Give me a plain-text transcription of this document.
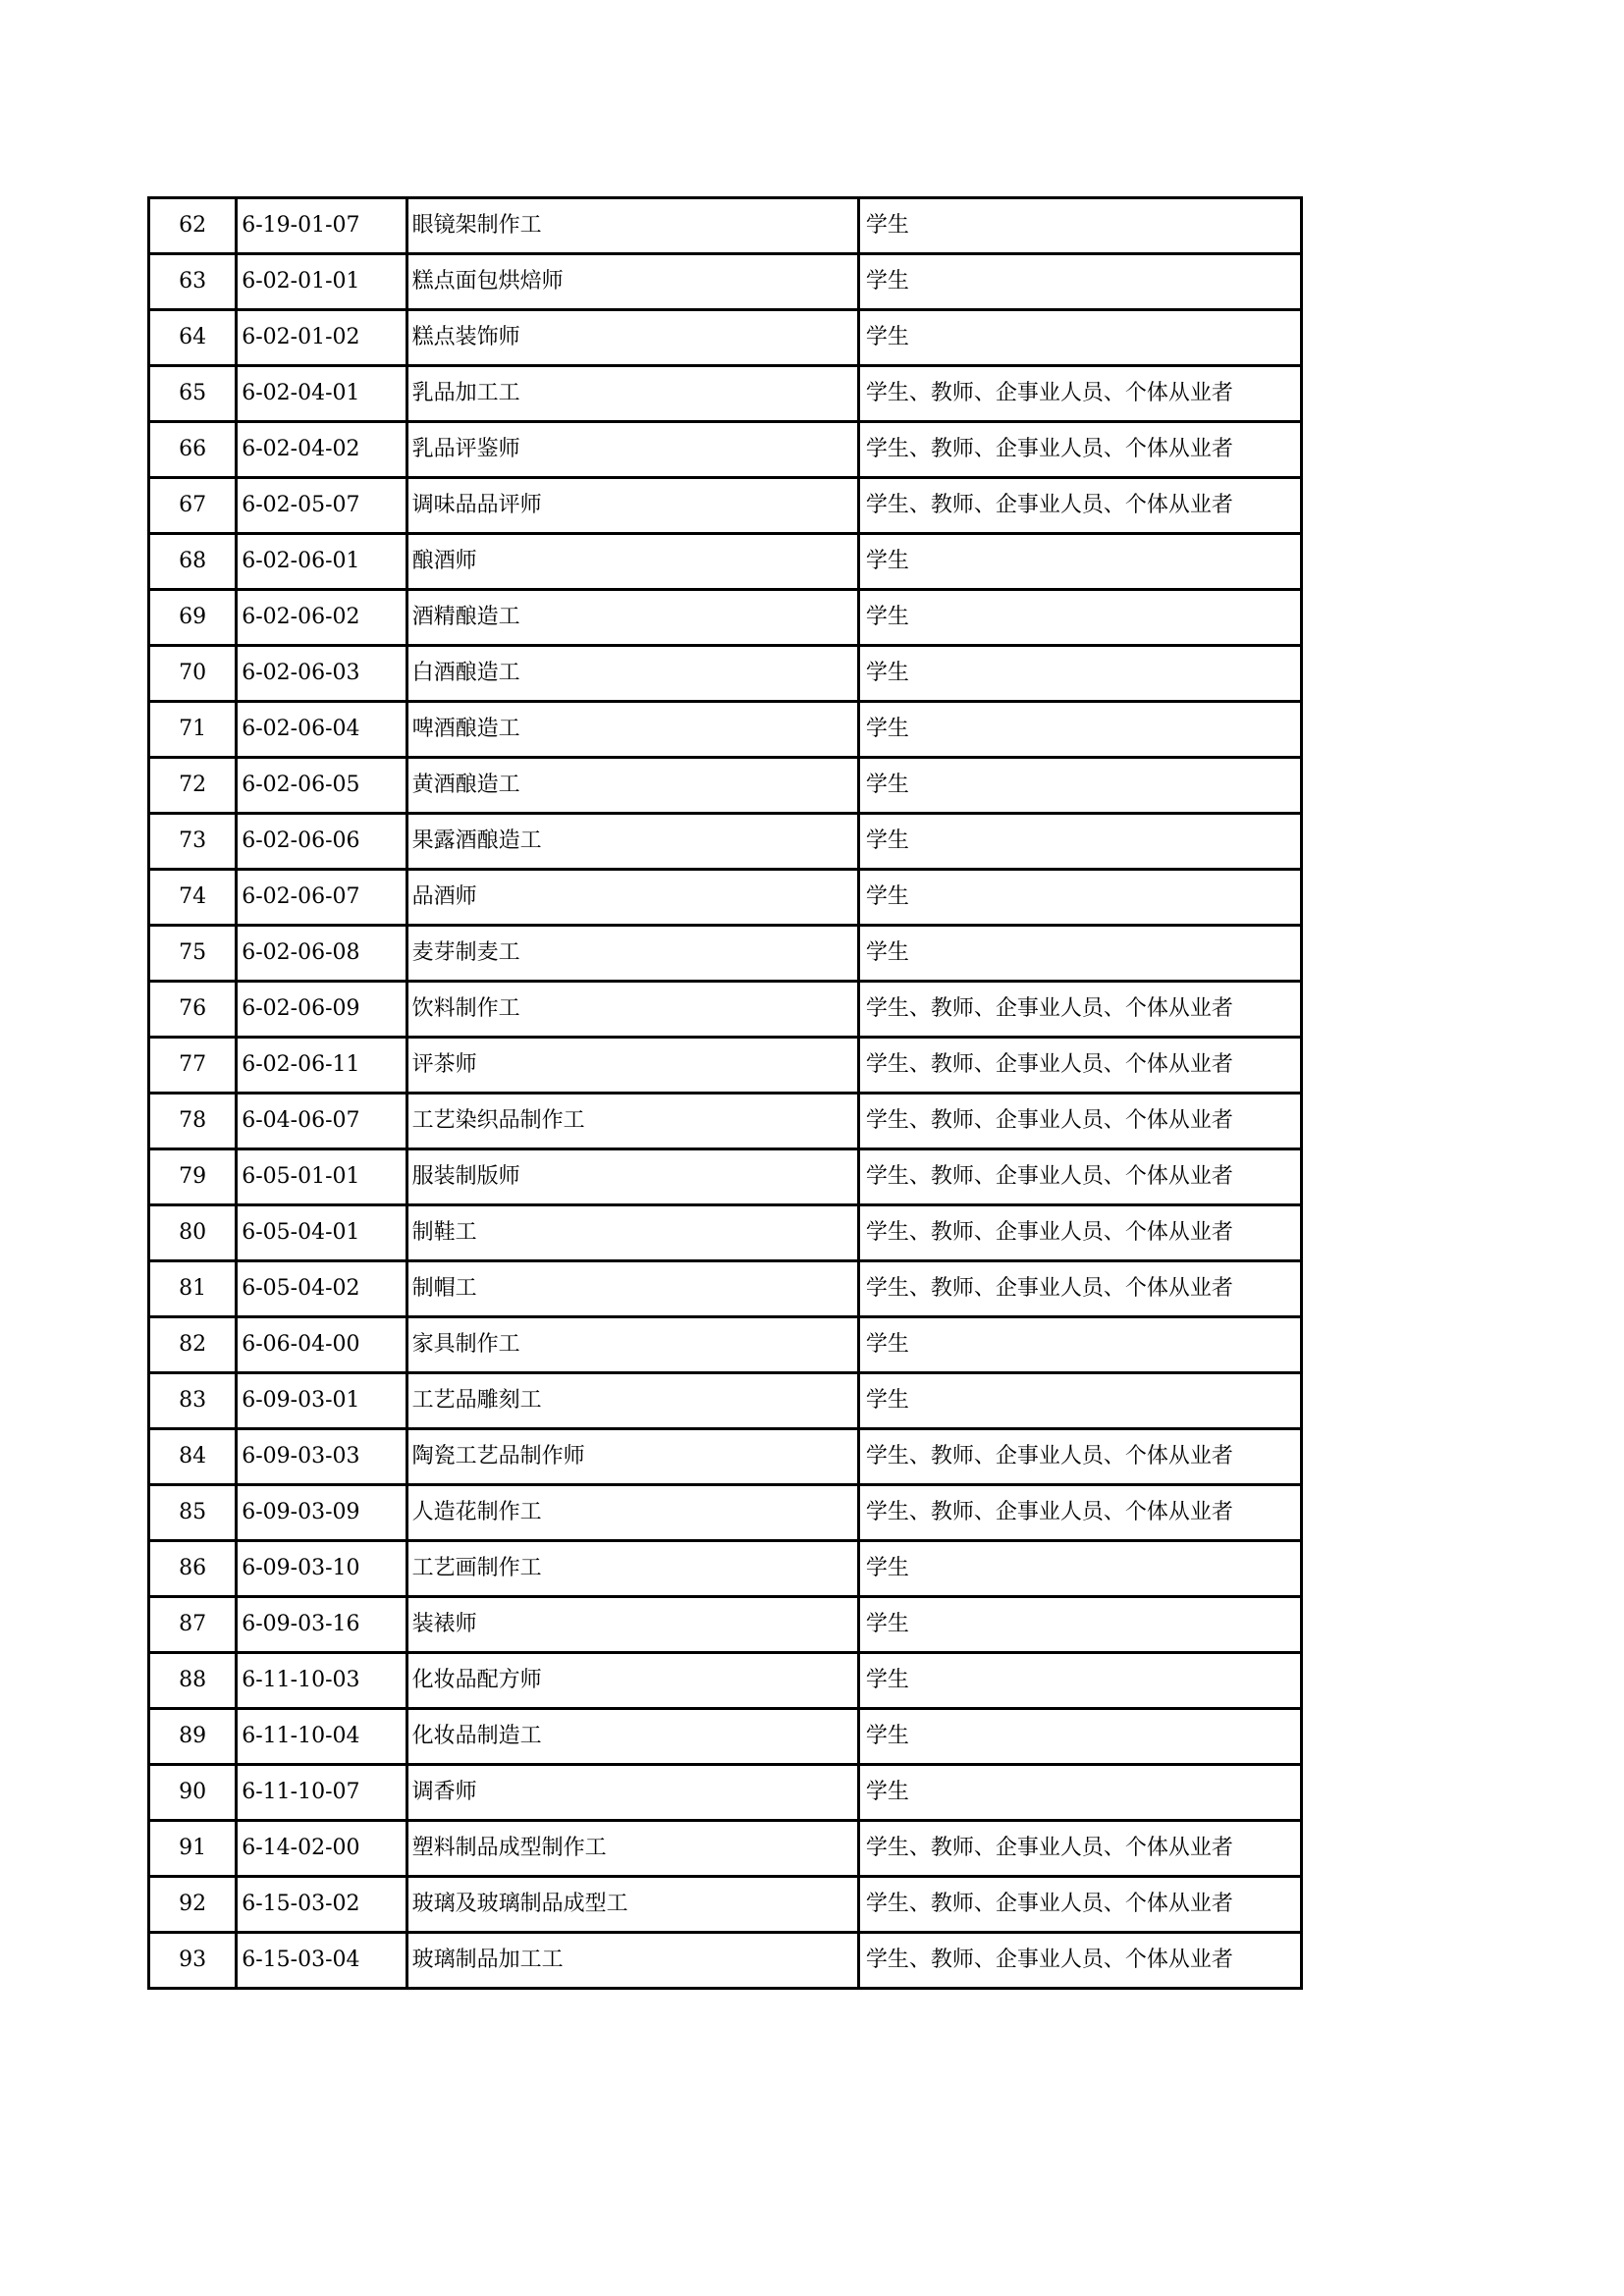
62	6-19-01-07	眼镜架制作工	学生
63	6-02-01-01	糕点面包烘焙师	学生
64	6-02-01-02	糕点装饰师	学生
65	6-02-04-01	乳品加工工	学生、教师、企事业人员、个体从业者
66	6-02-04-02	乳品评鉴师	学生、教师、企事业人员、个体从业者
67	6-02-05-07	调味品品评师	学生、教师、企事业人员、个体从业者
68	6-02-06-01	酿酒师	学生
69	6-02-06-02	酒精酿造工	学生
70	6-02-06-03	白酒酿造工	学生
71	6-02-06-04	啤酒酿造工	学生
72	6-02-06-05	黄酒酿造工	学生
73	6-02-06-06	果露酒酿造工	学生
74	6-02-06-07	品酒师	学生
75	6-02-06-08	麦芽制麦工	学生
76	6-02-06-09	饮料制作工	学生、教师、企事业人员、个体从业者
77	6-02-06-11	评茶师	学生、教师、企事业人员、个体从业者
78	6-04-06-07	工艺染织品制作工	学生、教师、企事业人员、个体从业者
79	6-05-01-01	服装制版师	学生、教师、企事业人员、个体从业者
80	6-05-04-01	制鞋工	学生、教师、企事业人员、个体从业者
81	6-05-04-02	制帽工	学生、教师、企事业人员、个体从业者
82	6-06-04-00	家具制作工	学生
83	6-09-03-01	工艺品雕刻工	学生
84	6-09-03-03	陶瓷工艺品制作师	学生、教师、企事业人员、个体从业者
85	6-09-03-09	人造花制作工	学生、教师、企事业人员、个体从业者
86	6-09-03-10	工艺画制作工	学生
87	6-09-03-16	装裱师	学生
88	6-11-10-03	化妆品配方师	学生
89	6-11-10-04	化妆品制造工	学生
90	6-11-10-07	调香师	学生
91	6-14-02-00	塑料制品成型制作工	学生、教师、企事业人员、个体从业者
92	6-15-03-02	玻璃及玻璃制品成型工	学生、教师、企事业人员、个体从业者
93	6-15-03-04	玻璃制品加工工	学生、教师、企事业人员、个体从业者
